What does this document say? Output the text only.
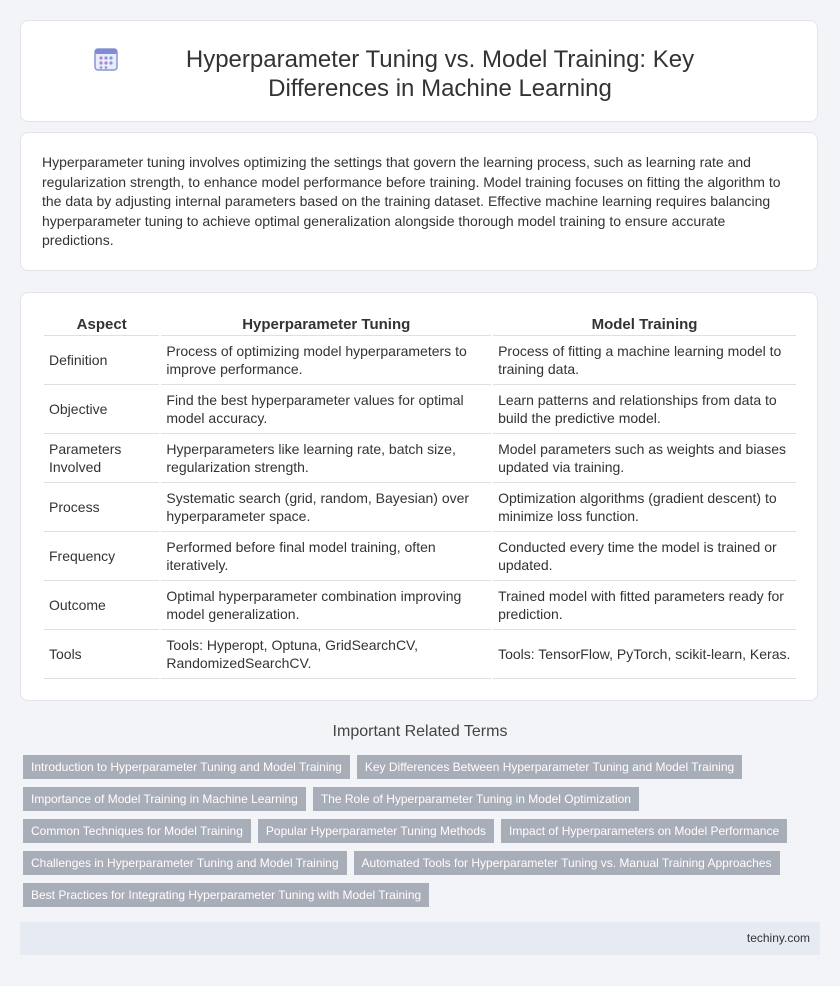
Hyperparameter Tuning vs. Model Training: Key Differences in Machine Learning

Hyperparameter tuning involves optimizing the settings that govern the learning process, such as learning rate and regularization strength, to enhance model performance before training. Model training focuses on fitting the algorithm to the data by adjusting internal parameters based on the training dataset. Effective machine learning requires balancing hyperparameter tuning to achieve optimal generalization alongside thorough model training to ensure accurate predictions.

Aspect	Hyperparameter Tuning	Model Training
Definition	Process of optimizing model hyperparameters to improve performance.	Process of fitting a machine learning model to training data.
Objective	Find the best hyperparameter values for optimal model accuracy.	Learn patterns and relationships from data to build the predictive model.
Parameters Involved	Hyperparameters like learning rate, batch size, regularization strength.	Model parameters such as weights and biases updated via training.
Process	Systematic search (grid, random, Bayesian) over hyperparameter space.	Optimization algorithms (gradient descent) to minimize loss function.
Frequency	Performed before final model training, often iteratively.	Conducted every time the model is trained or updated.
Outcome	Optimal hyperparameter combination improving model generalization.	Trained model with fitted parameters ready for prediction.
Tools	Tools: Hyperopt, Optuna, GridSearchCV, RandomizedSearchCV.	Tools: TensorFlow, PyTorch, scikit-learn, Keras.
Important Related Terms
Introduction to Hyperparameter Tuning and Model Training	Key Differences Between Hyperparameter Tuning and Model Training
Importance of Model Training in Machine Learning	The Role of Hyperparameter Tuning in Model Optimization
Common Techniques for Model Training	Popular Hyperparameter Tuning Methods	Impact of Hyperparameters on Model Performance
Challenges in Hyperparameter Tuning and Model Training	Automated Tools for Hyperparameter Tuning vs. Manual Training Approaches
Best Practices for Integrating Hyperparameter Tuning with Model Training
techiny.com
